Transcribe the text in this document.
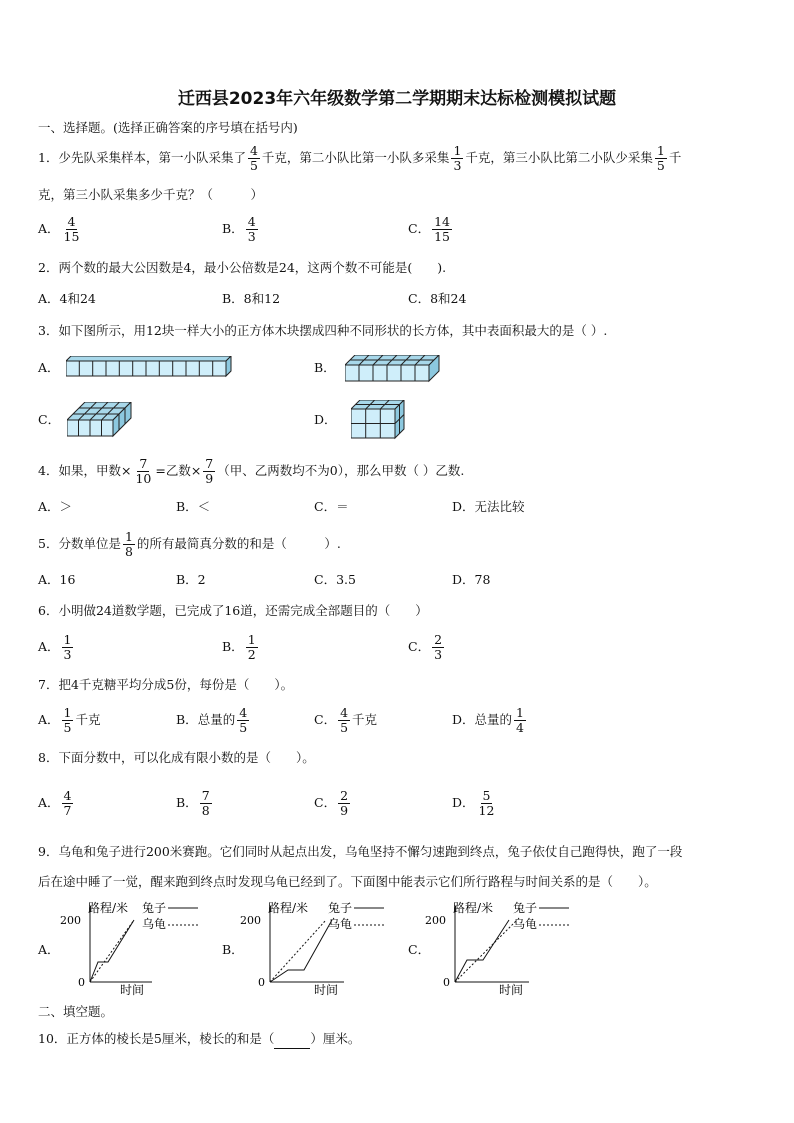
迁西县2023年六年级数学第二学期期末达标检测模拟试题
一、选择题。(选择正确答案的序号填在括号内)
1．少先队采集样本，第一小队采集了 $\frac{4}{5}$ 千克，第二小队比第一小队多采集 $\frac{1}{3}$ 千克，第三小队比第二小队少采集 $\frac{1}{5}$ 千
克，第三小队采集多少千克？（　　　）
A． $\frac{4}{15}$	B． $\frac{4}{3}$	C． $\frac{14}{15}$
2．两个数的最大公因数是4，最小公倍数是24，这两个数不可能是(　　).
A．4和24	B．8和12	C．8和24
3．如下图所示，用12块一样大小的正方体木块摆成四种不同形状的长方体，其中表面积最大的是（ ）.
A．	B．
C．	D．
4．如果，甲数× $\frac{7}{10}$ =乙数× $\frac{7}{9}$ （甲、乙两数均不为0），那么甲数（ ）乙数.
A．＞	B．＜	C．＝	D．无法比较
5．分数单位是 $\frac{1}{8}$ 的所有最简真分数的和是（　　　）.
A．16	B．2	C．3.5	D．78
6．小明做24道数学题，已完成了16道，还需完成全部题目的（　　）
A． $\frac{1}{3}$	B． $\frac{1}{2}$	C． $\frac{2}{3}$
7．把4千克糖平均分成5份，每份是（　　）。
A． $\frac{1}{5}$ 千克	B．总量的 $\frac{4}{5}$	C． $\frac{4}{5}$ 千克	D．总量的 $\frac{1}{4}$
8．下面分数中，可以化成有限小数的是（　　）。
A． $\frac{4}{7}$	B． $\frac{7}{8}$	C． $\frac{2}{9}$	D． $\frac{5}{12}$
9．乌龟和兔子进行200米赛跑。它们同时从起点出发，乌龟坚持不懈匀速跑到终点，兔子依仗自己跑得快，跑了一段
后在途中睡了一觉，醒来跑到终点时发现乌龟已经到了。下面图中能表示它们所行路程与时间关系的是（　　）。
A．	B．	C．
路程/米
200
0
时间
兔子
乌龟
路程/米
200
0
时间
兔子
乌龟
路程/米
200
0
时间
兔子
乌龟
二、填空题。
10．正方体的棱长是5厘米，棱长的和是（	）厘米。
